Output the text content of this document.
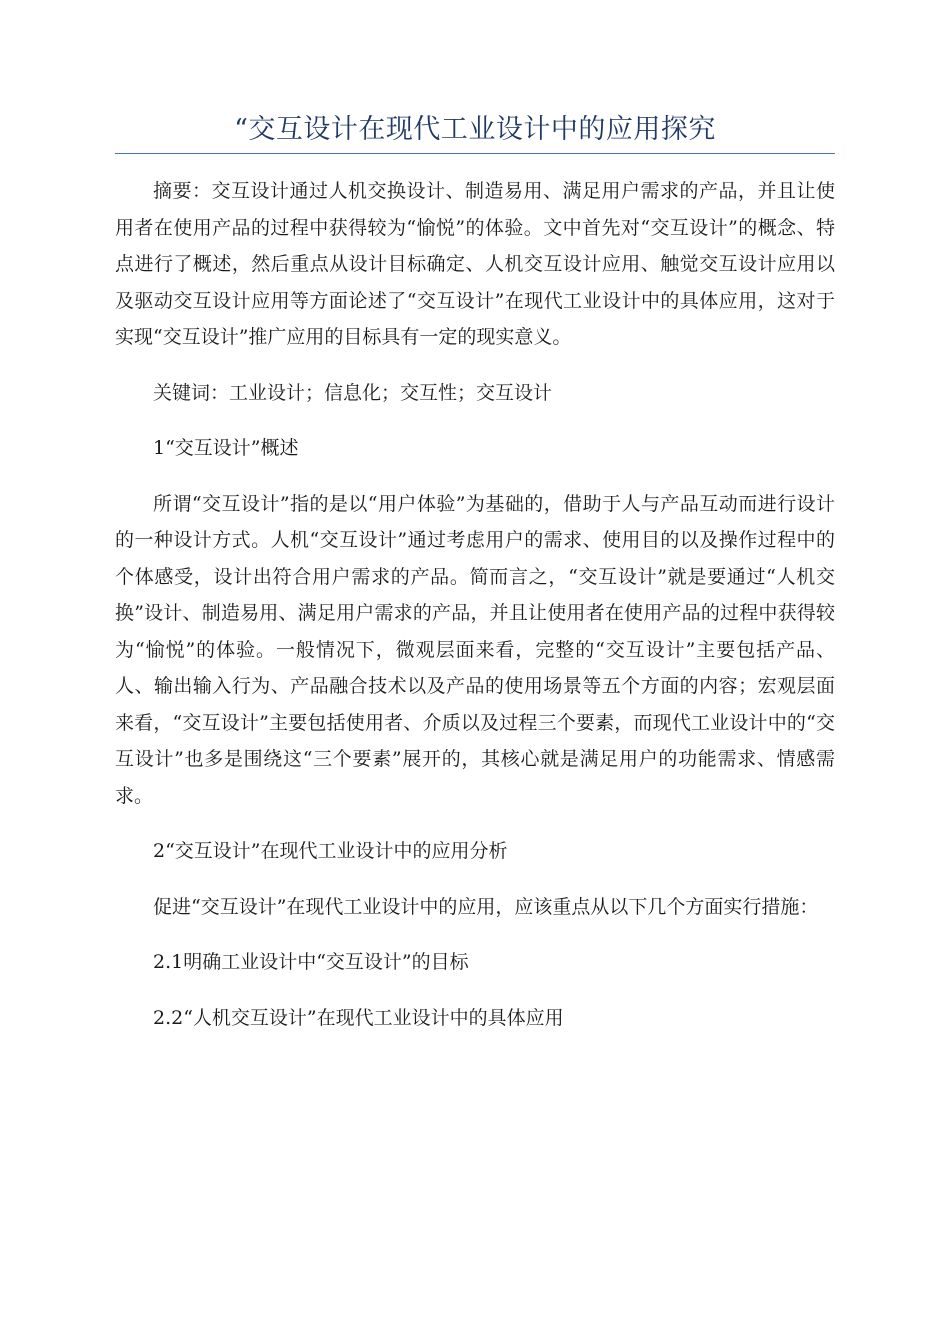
“交互设计在现代工业设计中的应用探究

摘要：交互设计通过人机交换设计、制造易用、满足用户需求的产品，并且让使用者在使用产品的过程中获得较为“愉悦”的体验。文中首先对“交互设计”的概念、特点进行了概述，然后重点从设计目标确定、人机交互设计应用、触觉交互设计应用以及驱动交互设计应用等方面论述了“交互设计”在现代工业设计中的具体应用，这对于实现“交互设计”推广应用的目标具有一定的现实意义。

关键词：工业设计；信息化；交互性；交互设计

1“交互设计”概述

所谓“交互设计”指的是以“用户体验”为基础的，借助于人与产品互动而进行设计的一种设计方式。人机“交互设计”通过考虑用户的需求、使用目的以及操作过程中的个体感受，设计出符合用户需求的产品。简而言之，“交互设计”就是要通过“人机交换”设计、制造易用、满足用户需求的产品，并且让使用者在使用产品的过程中获得较为“愉悦”的体验。一般情况下，微观层面来看，完整的“交互设计”主要包括产品、人、输出输入行为、产品融合技术以及产品的使用场景等五个方面的内容；宏观层面来看，“交互设计”主要包括使用者、介质以及过程三个要素，而现代工业设计中的“交互设计”也多是围绕这“三个要素”展开的，其核心就是满足用户的功能需求、情感需求。

2“交互设计”在现代工业设计中的应用分析

促进“交互设计”在现代工业设计中的应用，应该重点从以下几个方面实行措施：

2.1明确工业设计中“交互设计”的目标

2.2“人机交互设计”在现代工业设计中的具体应用
